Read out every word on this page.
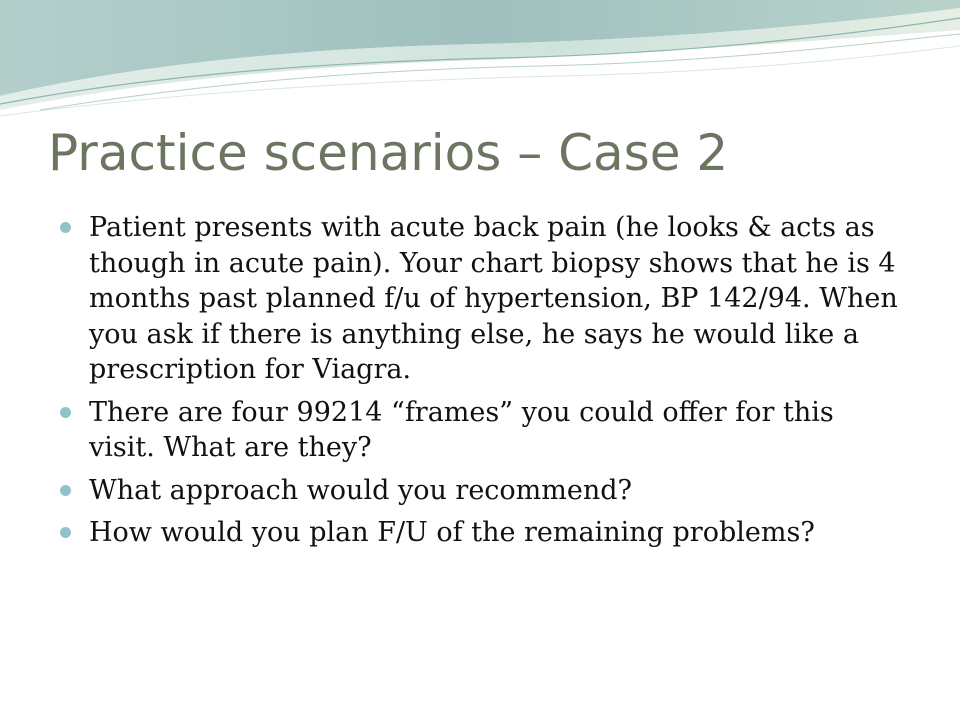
Practice scenarios – Case 2
Patient presents with acute back pain (he looks & acts as though in acute pain). Your chart biopsy shows that he is 4 months past planned f/u of hypertension, BP 142/94. When you ask if there is anything else, he says he would like a prescription for Viagra.
There are four 99214 “frames” you could offer for this visit. What are they?
What approach would you recommend?
How would you plan F/U of the remaining problems?
